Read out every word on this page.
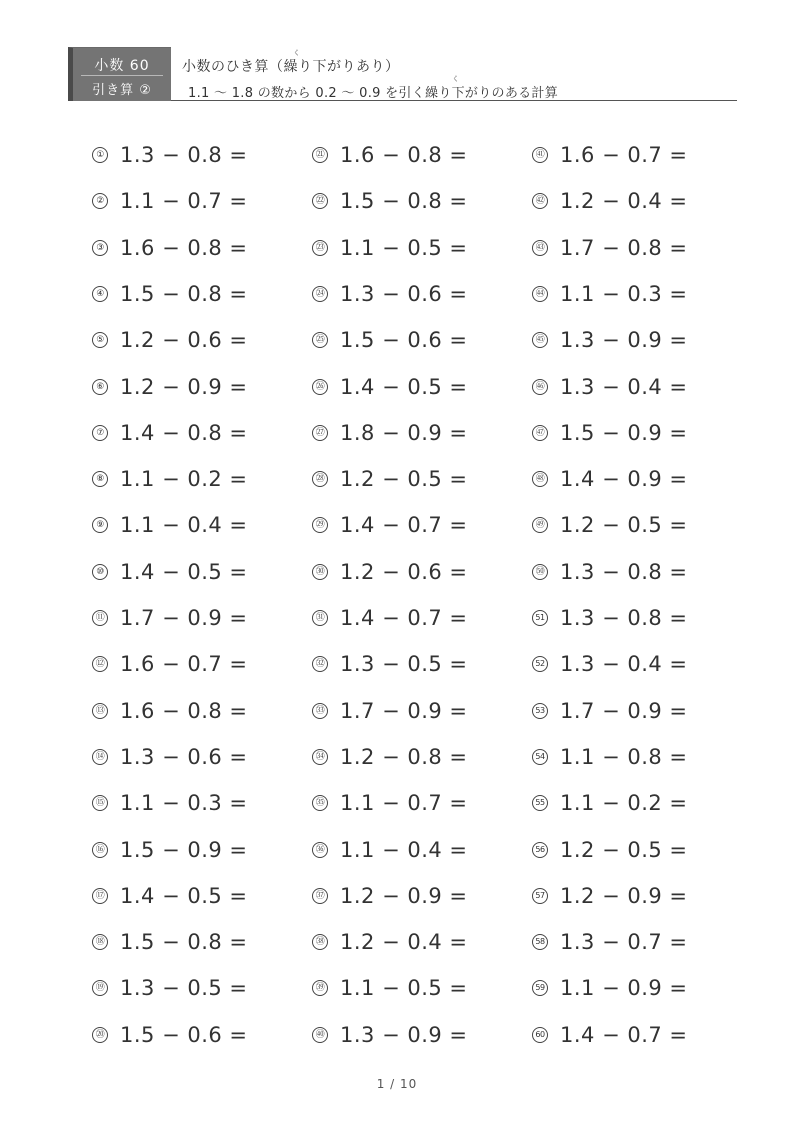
小数 60
引き算 ②
く
小数のひき算（繰り下がりあり）
く
1.1 ～ 1.8 の数から 0.2 ～ 0.9 を引く繰り下がりのある計算
① 1.3 − 0.8 =
② 1.1 − 0.7 =
③ 1.6 − 0.8 =
④ 1.5 − 0.8 =
⑤ 1.2 − 0.6 =
⑥ 1.2 − 0.9 =
⑦ 1.4 − 0.8 =
⑧ 1.1 − 0.2 =
⑨ 1.1 − 0.4 =
⑩ 1.4 − 0.5 =
⑪ 1.7 − 0.9 =
⑫ 1.6 − 0.7 =
⑬ 1.6 − 0.8 =
⑭ 1.3 − 0.6 =
⑮ 1.1 − 0.3 =
⑯ 1.5 − 0.9 =
⑰ 1.4 − 0.5 =
⑱ 1.5 − 0.8 =
⑲ 1.3 − 0.5 =
⑳ 1.5 − 0.6 =
㉑ 1.6 − 0.8 =
㉒ 1.5 − 0.8 =
㉓ 1.1 − 0.5 =
㉔ 1.3 − 0.6 =
㉕ 1.5 − 0.6 =
㉖ 1.4 − 0.5 =
㉗ 1.8 − 0.9 =
㉘ 1.2 − 0.5 =
㉙ 1.4 − 0.7 =
㉚ 1.2 − 0.6 =
㉛ 1.4 − 0.7 =
㉜ 1.3 − 0.5 =
㉝ 1.7 − 0.9 =
㉞ 1.2 − 0.8 =
㉟ 1.1 − 0.7 =
㊱ 1.1 − 0.4 =
㊲ 1.2 − 0.9 =
㊳ 1.2 − 0.4 =
㊴ 1.1 − 0.5 =
㊵ 1.3 − 0.9 =
㊶ 1.6 − 0.7 =
㊷ 1.2 − 0.4 =
㊸ 1.7 − 0.8 =
㊹ 1.1 − 0.3 =
㊺ 1.3 − 0.9 =
㊻ 1.3 − 0.4 =
㊼ 1.5 − 0.9 =
㊽ 1.4 − 0.9 =
㊾ 1.2 − 0.5 =
㊿ 1.3 − 0.8 =
51 1.3 − 0.8 =
52 1.3 − 0.4 =
53 1.7 − 0.9 =
54 1.1 − 0.8 =
55 1.1 − 0.2 =
56 1.2 − 0.5 =
57 1.2 − 0.9 =
58 1.3 − 0.7 =
59 1.1 − 0.9 =
60 1.4 − 0.7 =
1 / 10
